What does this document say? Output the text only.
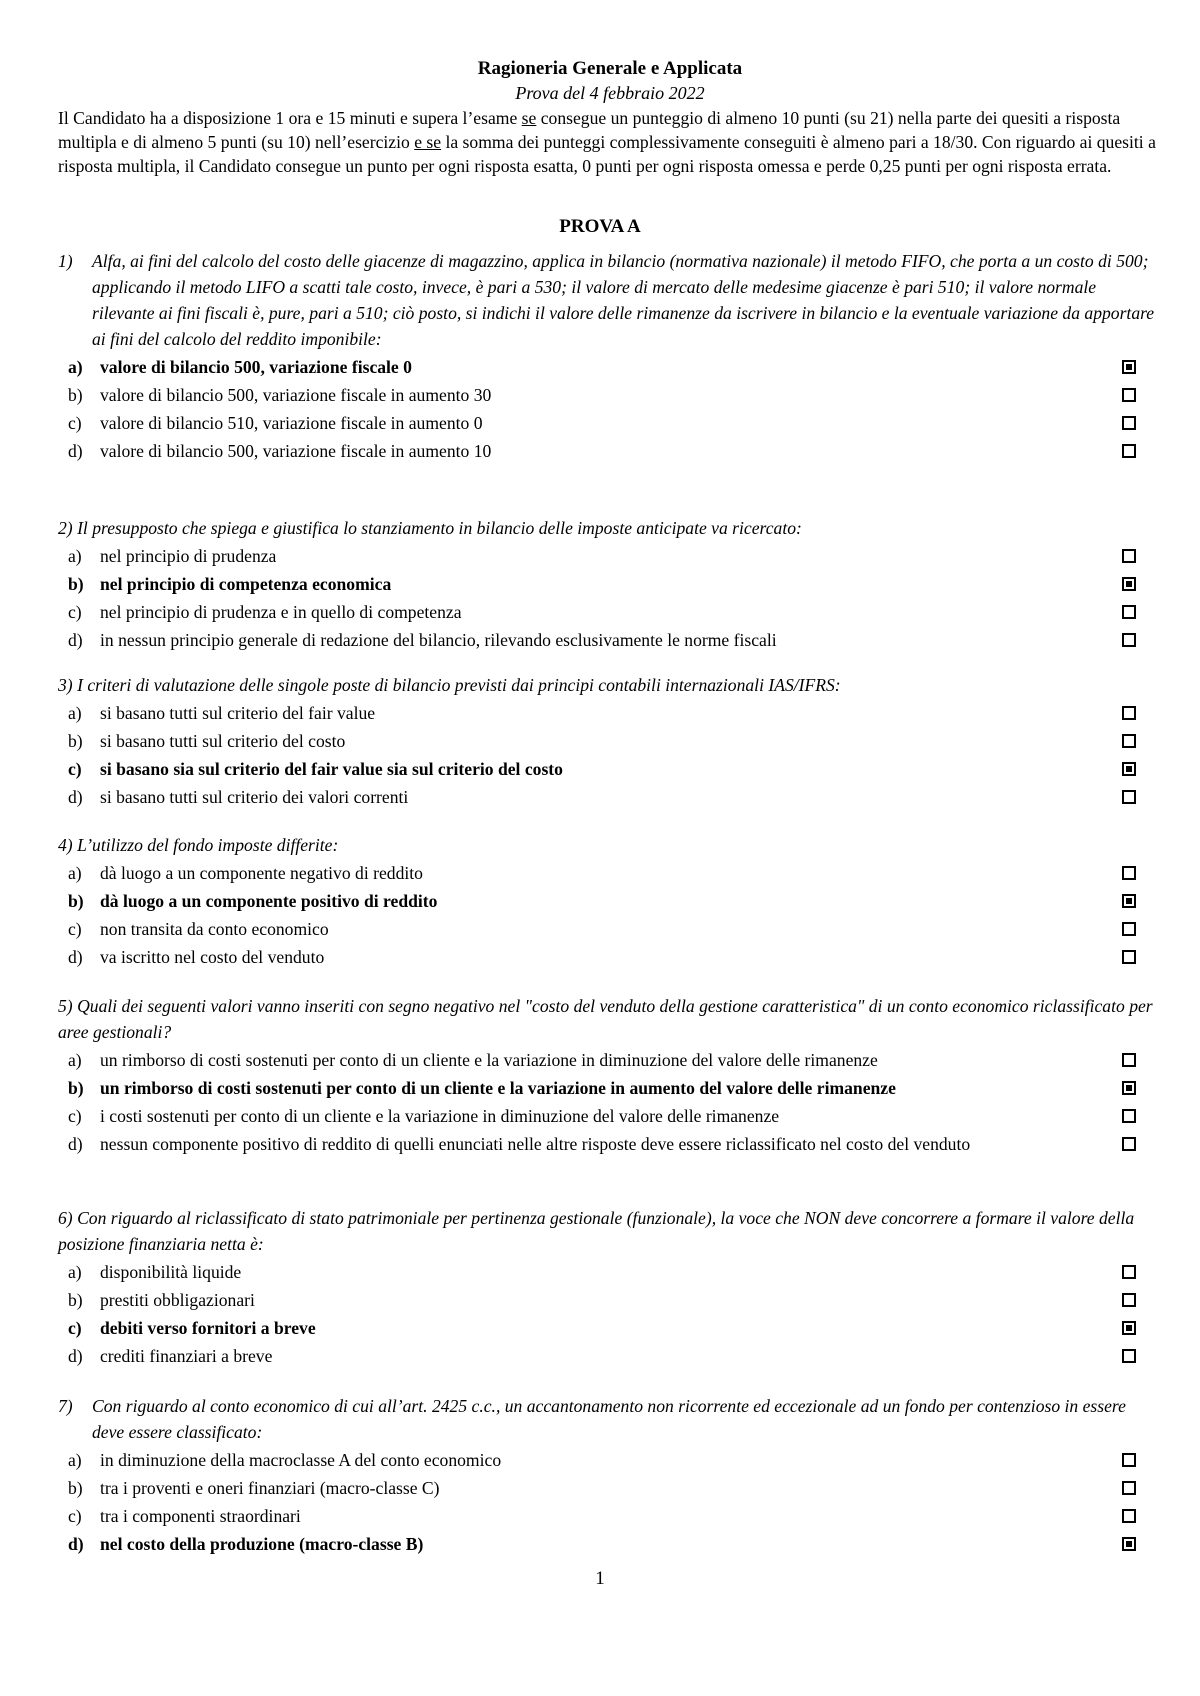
Ragioneria Generale e Applicata
Prova del 4 febbraio 2022
Il Candidato ha a disposizione 1 ora e 15 minuti e supera l’esame se consegue un punteggio di almeno 10 punti (su 21) nella parte dei quesiti a risposta multipla e di almeno 5 punti (su 10) nell’esercizio e se la somma dei punteggi complessivamente conseguiti è almeno pari a 18/30. Con riguardo ai quesiti a risposta multipla, il Candidato consegue un punto per ogni risposta esatta, 0 punti per ogni risposta omessa e perde 0,25 punti per ogni risposta errata.
PROVA A
1) Alfa, ai fini del calcolo del costo delle giacenze di magazzino, applica in bilancio (normativa nazionale) il metodo FIFO, che porta a un costo di 500; applicando il metodo LIFO a scatti tale costo, invece, è pari a 530; il valore di mercato delle medesime giacenze è pari 510; il valore normale rilevante ai fini fiscali è, pure, pari a 510; ciò posto, si indichi il valore delle rimanenze da iscrivere in bilancio e la eventuale variazione da apportare ai fini del calcolo del reddito imponibile:
a) valore di bilancio 500, variazione fiscale 0
b) valore di bilancio 500, variazione fiscale in aumento 30
c) valore di bilancio 510, variazione fiscale in aumento 0
d) valore di bilancio 500, variazione fiscale in aumento 10
2) Il presupposto che spiega e giustifica lo stanziamento in bilancio delle imposte anticipate va ricercato:
a) nel principio di prudenza
b) nel principio di competenza economica
c) nel principio di prudenza e in quello di competenza
d) in nessun principio generale di redazione del bilancio, rilevando esclusivamente le norme fiscali
3) I criteri di valutazione delle singole poste di bilancio previsti dai principi contabili internazionali IAS/IFRS:
a) si basano tutti sul criterio del fair value
b) si basano tutti sul criterio del costo
c) si basano sia sul criterio del fair value sia sul criterio del costo
d) si basano tutti sul criterio dei valori correnti
4) L’utilizzo del fondo imposte differite:
a) dà luogo a un componente negativo di reddito
b) dà luogo a un componente positivo di reddito
c) non transita da conto economico
d) va iscritto nel costo del venduto
5) Quali dei seguenti valori vanno inseriti con segno negativo nel "costo del venduto della gestione caratteristica" di un conto economico riclassificato per aree gestionali?
a) un rimborso di costi sostenuti per conto di un cliente e la variazione in diminuzione del valore delle rimanenze
b) un rimborso di costi sostenuti per conto di un cliente e la variazione in aumento del valore delle rimanenze
c) i costi sostenuti per conto di un cliente e la variazione in diminuzione del valore delle rimanenze
d) nessun componente positivo di reddito di quelli enunciati nelle altre risposte deve essere riclassificato nel costo del venduto
6) Con riguardo al riclassificato di stato patrimoniale per pertinenza gestionale (funzionale), la voce che NON deve concorrere a formare il valore della posizione finanziaria netta è:
a) disponibilità liquide
b) prestiti obbligazionari
c) debiti verso fornitori a breve
d) crediti finanziari a breve
7) Con riguardo al conto economico di cui all’art. 2425 c.c., un accantonamento non ricorrente ed eccezionale ad un fondo per contenzioso in essere deve essere classificato:
a) in diminuzione della macroclasse A del conto economico
b) tra i proventi e oneri finanziari (macro-classe C)
c) tra i componenti straordinari
d) nel costo della produzione (macro-classe B)
1
